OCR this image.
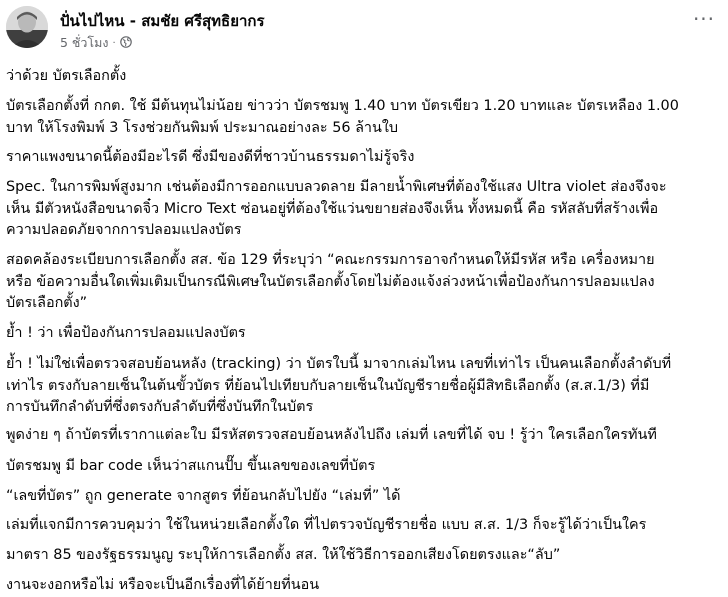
ปั่นไปไหน - สมชัย ศรีสุทธิยากร
5 ชั่วโมง ·
···

ว่าด้วย บัตรเลือกตั้ง

บัตรเลือกตั้งที่ กกต. ใช้ มีต้นทุนไม่น้อย ข่าวว่า บัตรชมพู 1.40 บาท บัตรเขียว 1.20 บาทและ บัตรเหลือง 1.00
บาท ให้โรงพิมพ์ 3 โรงช่วยกันพิมพ์ ประมาณอย่างละ 56 ล้านใบ

ราคาแพงขนาดนี้ต้องมีอะไรดี ซึ่งมีของดีที่ชาวบ้านธรรมดาไม่รู้จริง

Spec. ในการพิมพ์สูงมาก เช่นต้องมีการออกแบบลวดลาย มีลายน้ำพิเศษที่ต้องใช้แสง Ultra violet ส่องจึงจะ
เห็น มีตัวหนังสือขนาดจิ๋ว Micro Text ซ่อนอยู่ที่ต้องใช้แว่นขยายส่องจึงเห็น ทั้งหมดนี้ คือ รหัสลับที่สร้างเพื่อ
ความปลอดภัยจากการปลอมแปลงบัตร

สอดคล้องระเบียบการเลือกตั้ง สส. ข้อ 129 ที่ระบุว่า “คณะกรรมการอาจกำหนดให้มีรหัส หรือ เครื่องหมาย
หรือ ข้อความอื่นใดเพิ่มเติมเป็นกรณีพิเศษในบัตรเลือกตั้งโดยไม่ต้องแจ้งล่วงหน้าเพื่อป้องกันการปลอมแปลง
บัตรเลือกตั้ง”

ย้ำ ! ว่า เพื่อป้องกันการปลอมแปลงบัตร

ย้ำ ! ไม่ใช่เพื่อตรวจสอบย้อนหลัง (tracking) ว่า บัตรใบนี้ มาจากเล่มไหน เลขที่เท่าไร เป็นคนเลือกตั้งลำดับที่
เท่าไร ตรงกับลายเซ็นในต้นขั้วบัตร ที่ย้อนไปเทียบกับลายเซ็นในบัญชีรายชื่อผู้มีสิทธิเลือกตั้ง (ส.ส.1/3) ที่มี
การบันทึกลำดับที่ซึ่งตรงกับลำดับที่ซึ่งบันทึกในบัตร

พูดง่าย ๆ ถ้าบัตรที่เรากาแต่ละใบ มีรหัสตรวจสอบย้อนหลังไปถึง เล่มที่ เลขที่ได้ จบ ! รู้ว่า ใครเลือกใครทันที

บัตรชมพู มี bar code เห็นว่าสแกนปั๊บ ขึ้นเลขของเลขที่บัตร

“เลขที่บัตร” ถูก generate จากสูตร ที่ย้อนกลับไปยัง “เล่มที่” ได้

เล่มที่แจกมีการควบคุมว่า ใช้ในหน่วยเลือกตั้งใด ที่ไปตรวจบัญชีรายชื่อ แบบ ส.ส. 1/3 ก็จะรู้ได้ว่าเป็นใคร

มาตรา 85 ของรัฐธรรมนูญ ระบุให้การเลือกตั้ง สส. ให้ใช้วิธีการออกเสียงโดยตรงและ“ลับ”

งานจะงอกหรือไม่ หรือจะเป็นอีกเรื่องที่ได้ย้ายที่นอน
